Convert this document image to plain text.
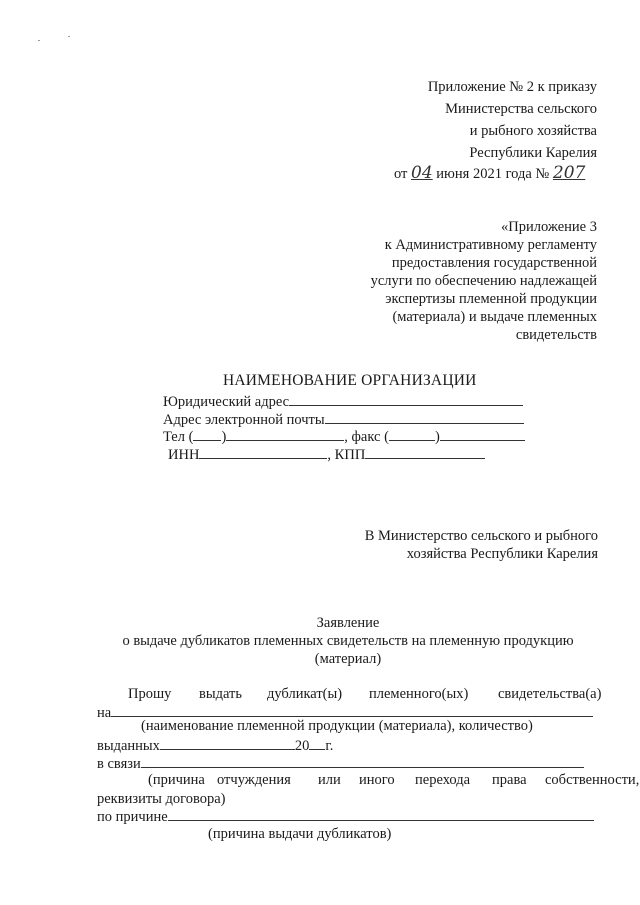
Приложение № 2 к приказу
Министерства сельского
и рыбного хозяйства
Республики Карелия
от 04 июня 2021 года № 207
«Приложение 3
к Административному регламенту
предоставления государственной
услуги по обеспечению надлежащей
экспертизы племенной продукции
(материала) и выдаче племенных
свидетельств
НАИМЕНОВАНИЕ ОРГАНИЗАЦИИ
Юридический адрес
Адрес электронной почты
Тел ( )	, факс (	)
ИНН	, КПП
В Министерство сельского и рыбного
хозяйства Республики Карелия
Заявление
о выдаче дубликатов племенных свидетельств на племенную продукцию
(материал)
Прошу выдать дубликат(ы) племенного(ых) свидетельства(а)
на
(наименование племенной продукции (материала), количество)
выданных	20 г.
в связи
(причина отчуждения или иного перехода права собственности,
реквизиты договора)
по причине
(причина выдачи дубликатов)
